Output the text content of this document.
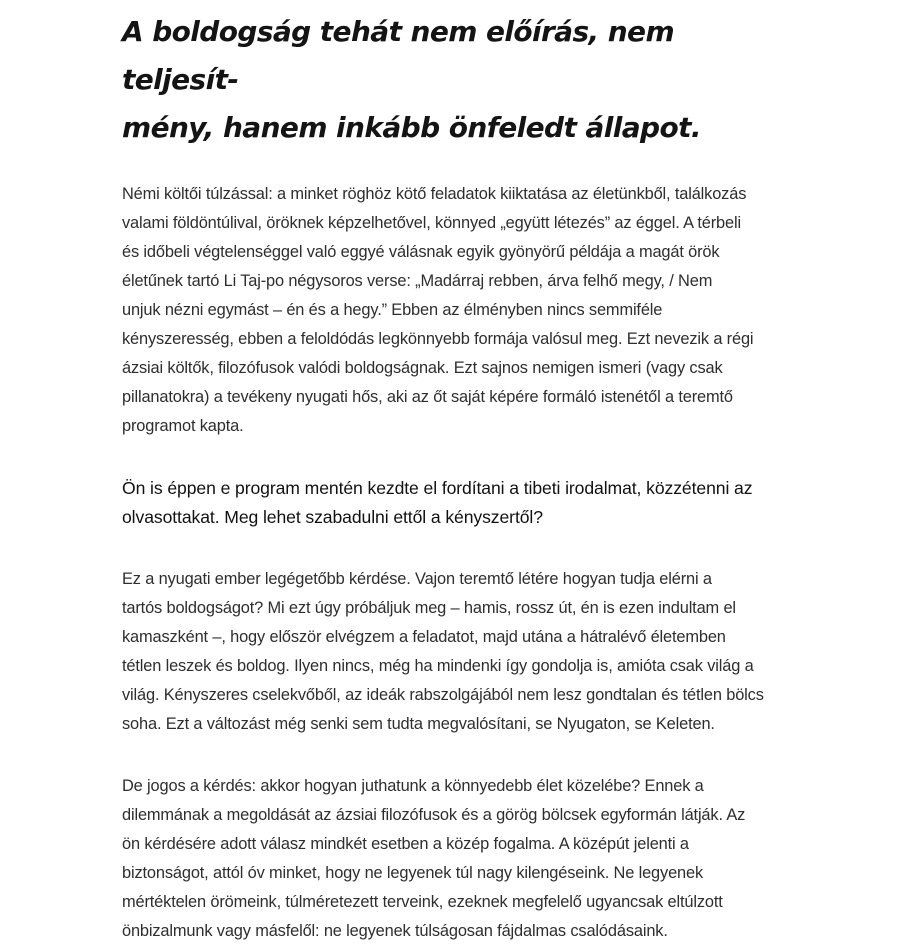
A boldogság tehát nem előírás, nem teljesít-
mény, hanem inkább önfeledt állapot.

Némi költői túlzással: a minket röghöz kötő feladatok kiiktatása az életünkből, találkozás
valami földöntúlival, öröknek képzelhetővel, könnyed „együtt létezés” az éggel. A térbeli
és időbeli végtelenséggel való eggyé válásnak egyik gyönyörű példája a magát örök
életűnek tartó Li Taj-po négysoros verse: „Madárraj rebben, árva felhő megy, / Nem
unjuk nézni egymást – én és a hegy.” Ebben az élményben nincs semmiféle
kényszeresség, ebben a feloldódás legkönnyebb formája valósul meg. Ezt nevezik a régi
ázsiai költők, filozófusok valódi boldogságnak. Ezt sajnos nemigen ismeri (vagy csak
pillanatokra) a tevékeny nyugati hős, aki az őt saját képére formáló istenétől a teremtő
programot kapta.

Ön is éppen e program mentén kezdte el fordítani a tibeti irodalmat, közzétenni az
olvasottakat. Meg lehet szabadulni ettől a kényszertől?

Ez a nyugati ember legégetőbb kérdése. Vajon teremtő létére hogyan tudja elérni a
tartós boldogságot? Mi ezt úgy próbáljuk meg – hamis, rossz út, én is ezen indultam el
kamaszként –, hogy először elvégzem a feladatot, majd utána a hátralévő életemben
tétlen leszek és boldog. Ilyen nincs, még ha mindenki így gondolja is, amióta csak világ a
világ. Kényszeres cselekvőből, az ideák rabszolgájából nem lesz gondtalan és tétlen bölcs
soha. Ezt a változást még senki sem tudta megvalósítani, se Nyugaton, se Keleten.

De jogos a kérdés: akkor hogyan juthatunk a könnyedebb élet közelébe? Ennek a
dilemmának a megoldását az ázsiai filozófusok és a görög bölcsek egyformán látják. Az
ön kérdésére adott válasz mindkét esetben a közép fogalma. A középút jelenti a
biztonságot, attól óv minket, hogy ne legyenek túl nagy kilengéseink. Ne legyenek
mértéktelen örömeink, túlméretezett terveink, ezeknek megfelelő ugyancsak eltúlzott
önbizalmunk vagy másfelől: ne legyenek túlságosan fájdalmas csalódásaink.
